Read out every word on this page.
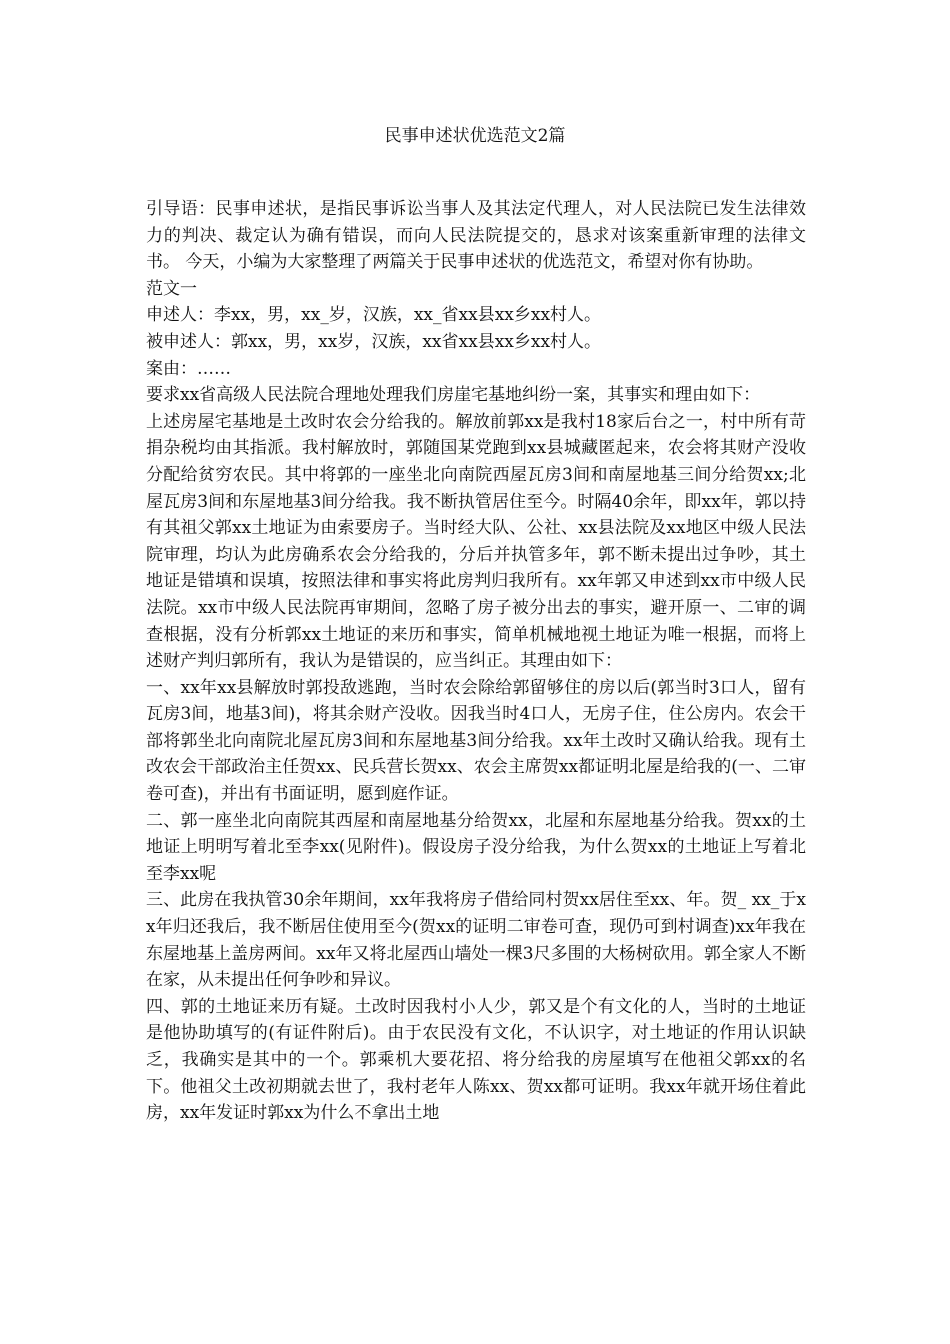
民事申述状优选范文2篇

引导语：民事申述状，是指民事诉讼当事人及其法定代理人，对人民法院已发生法律效力的判决、裁定认为确有错误，而向人民法院提交的，恳求对该案重新审理的法律文书。 今天，小编为大家整理了两篇关于民事申述状的优选范文，希望对你有协助。

范文一

申述人：李xx，男，xx_岁，汉族，xx_省xx县xx乡xx村人。

被申述人：郭xx，男，xx岁，汉族，xx省xx县xx乡xx村人。

案由：……

要求xx省高级人民法院合理地处理我们房崖宅基地纠纷一案，其事实和理由如下：

上述房屋宅基地是土改时农会分给我的。解放前郭xx是我村18家后台之一，村中所有苛捐杂税均由其指派。我村解放时，郭随国某党跑到xx县城藏匿起来，农会将其财产没收分配给贫穷农民。其中将郭的一座坐北向南院西屋瓦房3间和南屋地基三间分给贺xx;北屋瓦房3间和东屋地基3间分给我。我不断执管居住至今。时隔40余年，即xx年，郭以持有其祖父郭xx土地证为由索要房子。当时经大队、公社、xx县法院及xx地区中级人民法院审理，均认为此房确系农会分给我的，分后并执管多年，郭不断未提出过争吵，其土地证是错填和误填，按照法律和事实将此房判归我所有。xx年郭又申述到xx市中级人民法院。xx市中级人民法院再审期间，忽略了房子被分出去的事实，避开原一、二审的调查根据，没有分析郭xx土地证的来历和事实，简单机械地视土地证为唯一根据，而将上述财产判归郭所有，我认为是错误的，应当纠正。其理由如下：

一、xx年xx县解放时郭投敌逃跑，当时农会除给郭留够住的房以后(郭当时3口人，留有瓦房3间，地基3间)，将其余财产没收。因我当时4口人，无房子住，住公房内。农会干部将郭坐北向南院北屋瓦房3间和东屋地基3间分给我。xx年土改时又确认给我。现有土改农会干部政治主任贺xx、民兵营长贺xx、农会主席贺xx都证明北屋是给我的(一、二审卷可查)，并出有书面证明，愿到庭作证。

二、郭一座坐北向南院其西屋和南屋地基分给贺xx，北屋和东屋地基分给我。贺xx的土地证上明明写着北至李xx(见附件)。假设房子没分给我，为什么贺xx的土地证上写着北至李xx呢

三、此房在我执管30余年期间，xx年我将房子借给同村贺xx居住至xx、年。贺_ xx_于xx年归还我后，我不断居住使用至今(贺xx的证明二审卷可查，现仍可到村调查)xx年我在东屋地基上盖房两间。xx年又将北屋西山墙处一棵3尺多围的大杨树砍用。郭全家人不断在家，从未提出任何争吵和异议。

四、郭的土地证来历有疑。土改时因我村小人少，郭又是个有文化的人，当时的土地证是他协助填写的(有证件附后)。由于农民没有文化，不认识字，对土地证的作用认识缺乏，我确实是其中的一个。郭乘机大要花招、将分给我的房屋填写在他祖父郭xx的名下。他祖父土改初期就去世了，我村老年人陈xx、贺xx都可证明。我xx年就开场住着此房，xx年发证时郭xx为什么不拿出土地
